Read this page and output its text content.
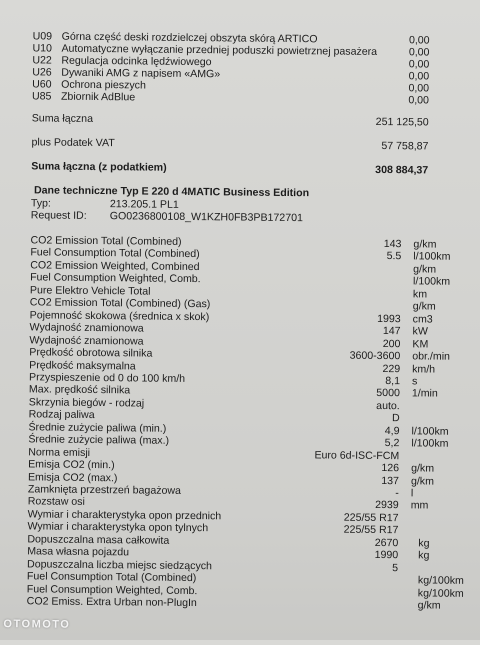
U09 Górna część deski rozdzielczej obszyta skórą ARTICO	0,00
U10 Automatyczne wyłączanie przedniej poduszki powietrznej pasażera	0,00
U22 Regulacja odcinka lędźwiowego	0,00
U26 Dywaniki AMG z napisem «AMG»	0,00
U60 Ochrona pieszych	0,00
U85 Zbiornik AdBlue	0,00
Suma łączna	251 125,50
plus Podatek VAT	57 758,87
Suma łączna (z podatkiem)	308 884,37
Dane techniczne Typ E 220 d 4MATIC Business Edition
Typ:	213.205.1 PL1
Request ID: GO0236800108_W1KZH0FB3PB172701
CO2 Emission Total (Combined)	143 g/km
Fuel Consumption Total (Combined)	5.5 l/100km
CO2 Emission Weighted, Combined	g/km
Fuel Consumption Weighted, Comb.	l/100km
Pure Elektro Vehicle Total	km
CO2 Emission Total (Combined) (Gas)	g/km
Pojemność skokowa (średnica x skok)	1993 cm3
Wydajność znamionowa	147 kW
Wydajność znamionowa	200 KM
Prędkość obrotowa silnika	3600-3600 obr./min
Prędkość maksymalna	229 km/h
Przyspieszenie od 0 do 100 km/h	8,1 s
Max. prędkość silnika	5000 1/min
Skrzynia biegów - rodzaj	auto.
Rodzaj paliwa	D
Średnie zużycie paliwa (min.)	4,9 l/100km
Średnie zużycie paliwa (max.)	5,2 l/100km
Norma emisji	Euro 6d-ISC-FCM
Emisja CO2 (min.)	126 g/km
Emisja CO2 (max.)	137 g/km
Zamknięta przestrzeń bagażowa	- l
Rozstaw osi	2939 mm
Wymiar i charakterystyka opon przednich	225/55 R17
Wymiar i charakterystyka opon tylnych	225/55 R17
Dopuszczalna masa całkowita	2670 kg
Masa własna pojazdu	1990 kg
Dopuszczalna liczba miejsc siedzących	5
Fuel Consumption Total (Combined)	kg/100km
Fuel Consumption Weighted, Comb.	kg/100km
CO2 Emiss. Extra Urban non-PlugIn	g/km
OTOMOTO
